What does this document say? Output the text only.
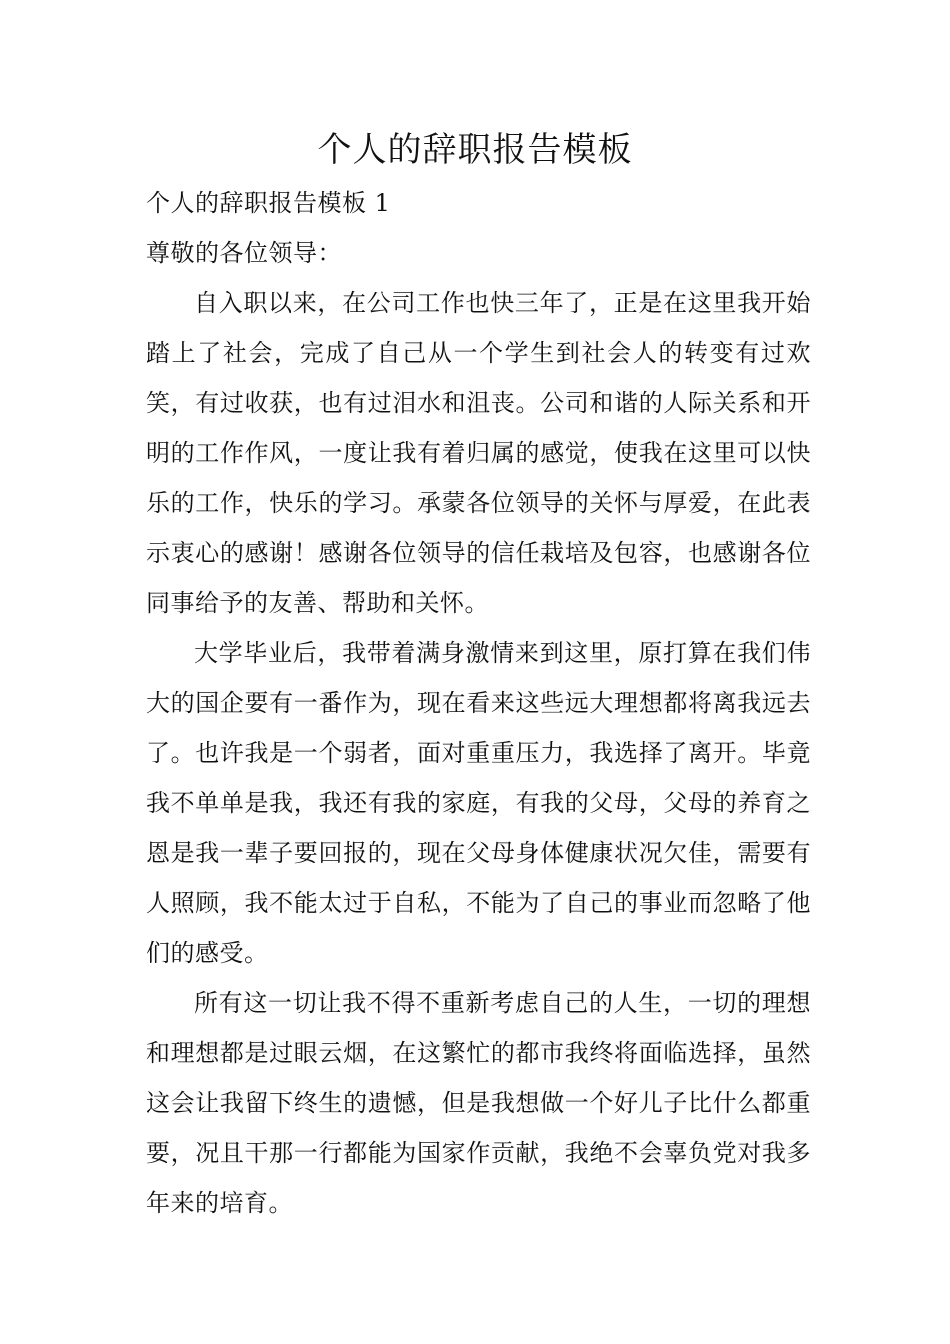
个人的辞职报告模板

个人的辞职报告模板 1

尊敬的各位领导：

自入职以来，在公司工作也快三年了，正是在这里我开始踏上了社会，完成了自己从一个学生到社会人的转变有过欢笑，有过收获，也有过泪水和沮丧。公司和谐的人际关系和开明的工作作风，一度让我有着归属的感觉，使我在这里可以快乐的工作，快乐的学习。承蒙各位领导的关怀与厚爱，在此表示衷心的感谢！感谢各位领导的信任栽培及包容，也感谢各位同事给予的友善、帮助和关怀。

大学毕业后，我带着满身激情来到这里，原打算在我们伟大的国企要有一番作为，现在看来这些远大理想都将离我远去了。也许我是一个弱者，面对重重压力，我选择了离开。毕竟我不单单是我，我还有我的家庭，有我的父母，父母的养育之恩是我一辈子要回报的，现在父母身体健康状况欠佳，需要有人照顾，我不能太过于自私，不能为了自己的事业而忽略了他们的感受。

所有这一切让我不得不重新考虑自己的人生，一切的理想和理想都是过眼云烟，在这繁忙的都市我终将面临选择，虽然这会让我留下终生的遗憾，但是我想做一个好儿子比什么都重要，况且干那一行都能为国家作贡献，我绝不会辜负党对我多年来的培育。
